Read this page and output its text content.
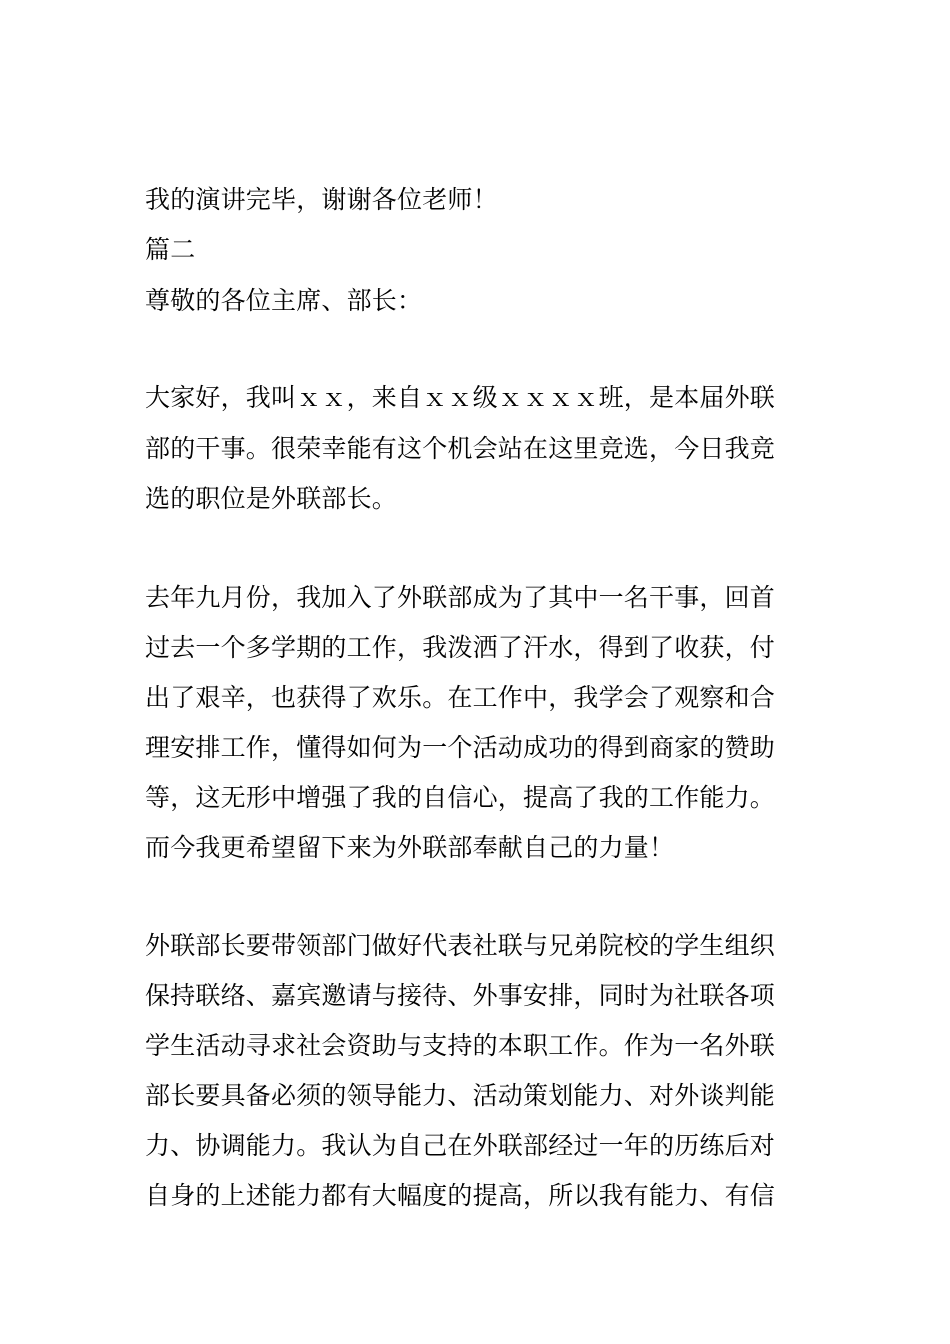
我的演讲完毕，谢谢各位老师！
篇二
尊敬的各位主席、部长：
大家好，我叫ｘｘ，来自ｘｘ级ｘｘｘｘ班，是本届外联
部的干事。很荣幸能有这个机会站在这里竞选，今日我竞
选的职位是外联部长。
去年九月份，我加入了外联部成为了其中一名干事，回首
过去一个多学期的工作，我泼洒了汗水，得到了收获，付
出了艰辛，也获得了欢乐。在工作中，我学会了观察和合
理安排工作，懂得如何为一个活动成功的得到商家的赞助
等，这无形中增强了我的自信心，提高了我的工作能力。
而今我更希望留下来为外联部奉献自己的力量！
外联部长要带领部门做好代表社联与兄弟院校的学生组织
保持联络、嘉宾邀请与接待、外事安排，同时为社联各项
学生活动寻求社会资助与支持的本职工作。作为一名外联
部长要具备必须的领导能力、活动策划能力、对外谈判能
力、协调能力。我认为自己在外联部经过一年的历练后对
自身的上述能力都有大幅度的提高，所以我有能力、有信
